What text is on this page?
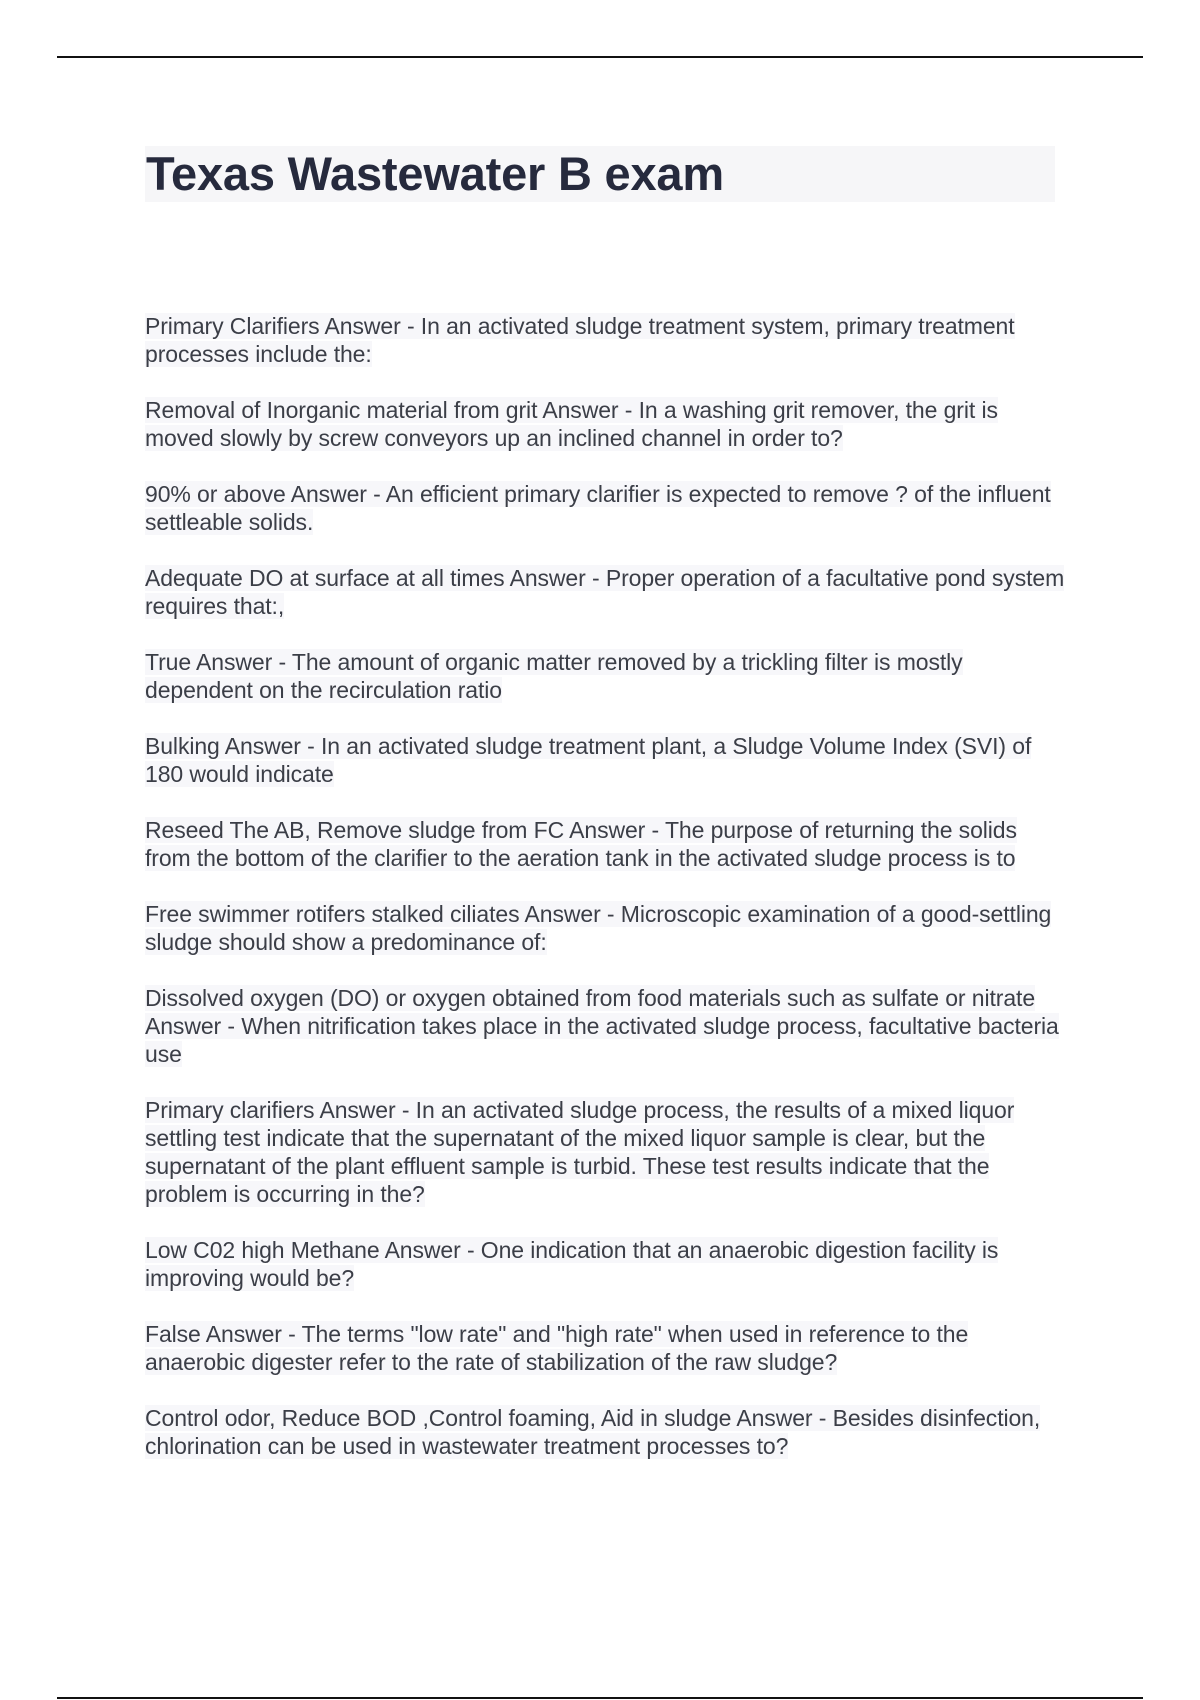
Texas Wastewater B exam

Primary Clarifiers Answer - In an activated sludge treatment system, primary treatment processes include the:

Removal of Inorganic material from grit Answer - In a washing grit remover, the grit is moved slowly by screw conveyors up an inclined channel in order to?

90% or above Answer - An efficient primary clarifier is expected to remove ? of the influent settleable solids.

Adequate DO at surface at all times Answer - Proper operation of a facultative pond system requires that:,

True Answer - The amount of organic matter removed by a trickling filter is mostly dependent on the recirculation ratio

Bulking Answer - In an activated sludge treatment plant, a Sludge Volume Index (SVI) of 180 would indicate

Reseed The AB, Remove sludge from FC Answer - The purpose of returning the solids from the bottom of the clarifier to the aeration tank in the activated sludge process is to

Free swimmer rotifers stalked ciliates Answer - Microscopic examination of a good-settling sludge should show a predominance of:

Dissolved oxygen (DO) or oxygen obtained from food materials such as sulfate or nitrate Answer - When nitrification takes place in the activated sludge process, facultative bacteria use

Primary clarifiers Answer - In an activated sludge process, the results of a mixed liquor settling test indicate that the supernatant of the mixed liquor sample is clear, but the supernatant of the plant effluent sample is turbid. These test results indicate that the problem is occurring in the?

Low C02 high Methane Answer - One indication that an anaerobic digestion facility is improving would be?

False Answer - The terms "low rate" and "high rate" when used in reference to the anaerobic digester refer to the rate of stabilization of the raw sludge?

Control odor, Reduce BOD ,Control foaming, Aid in sludge Answer - Besides disinfection, chlorination can be used in wastewater treatment processes to?
